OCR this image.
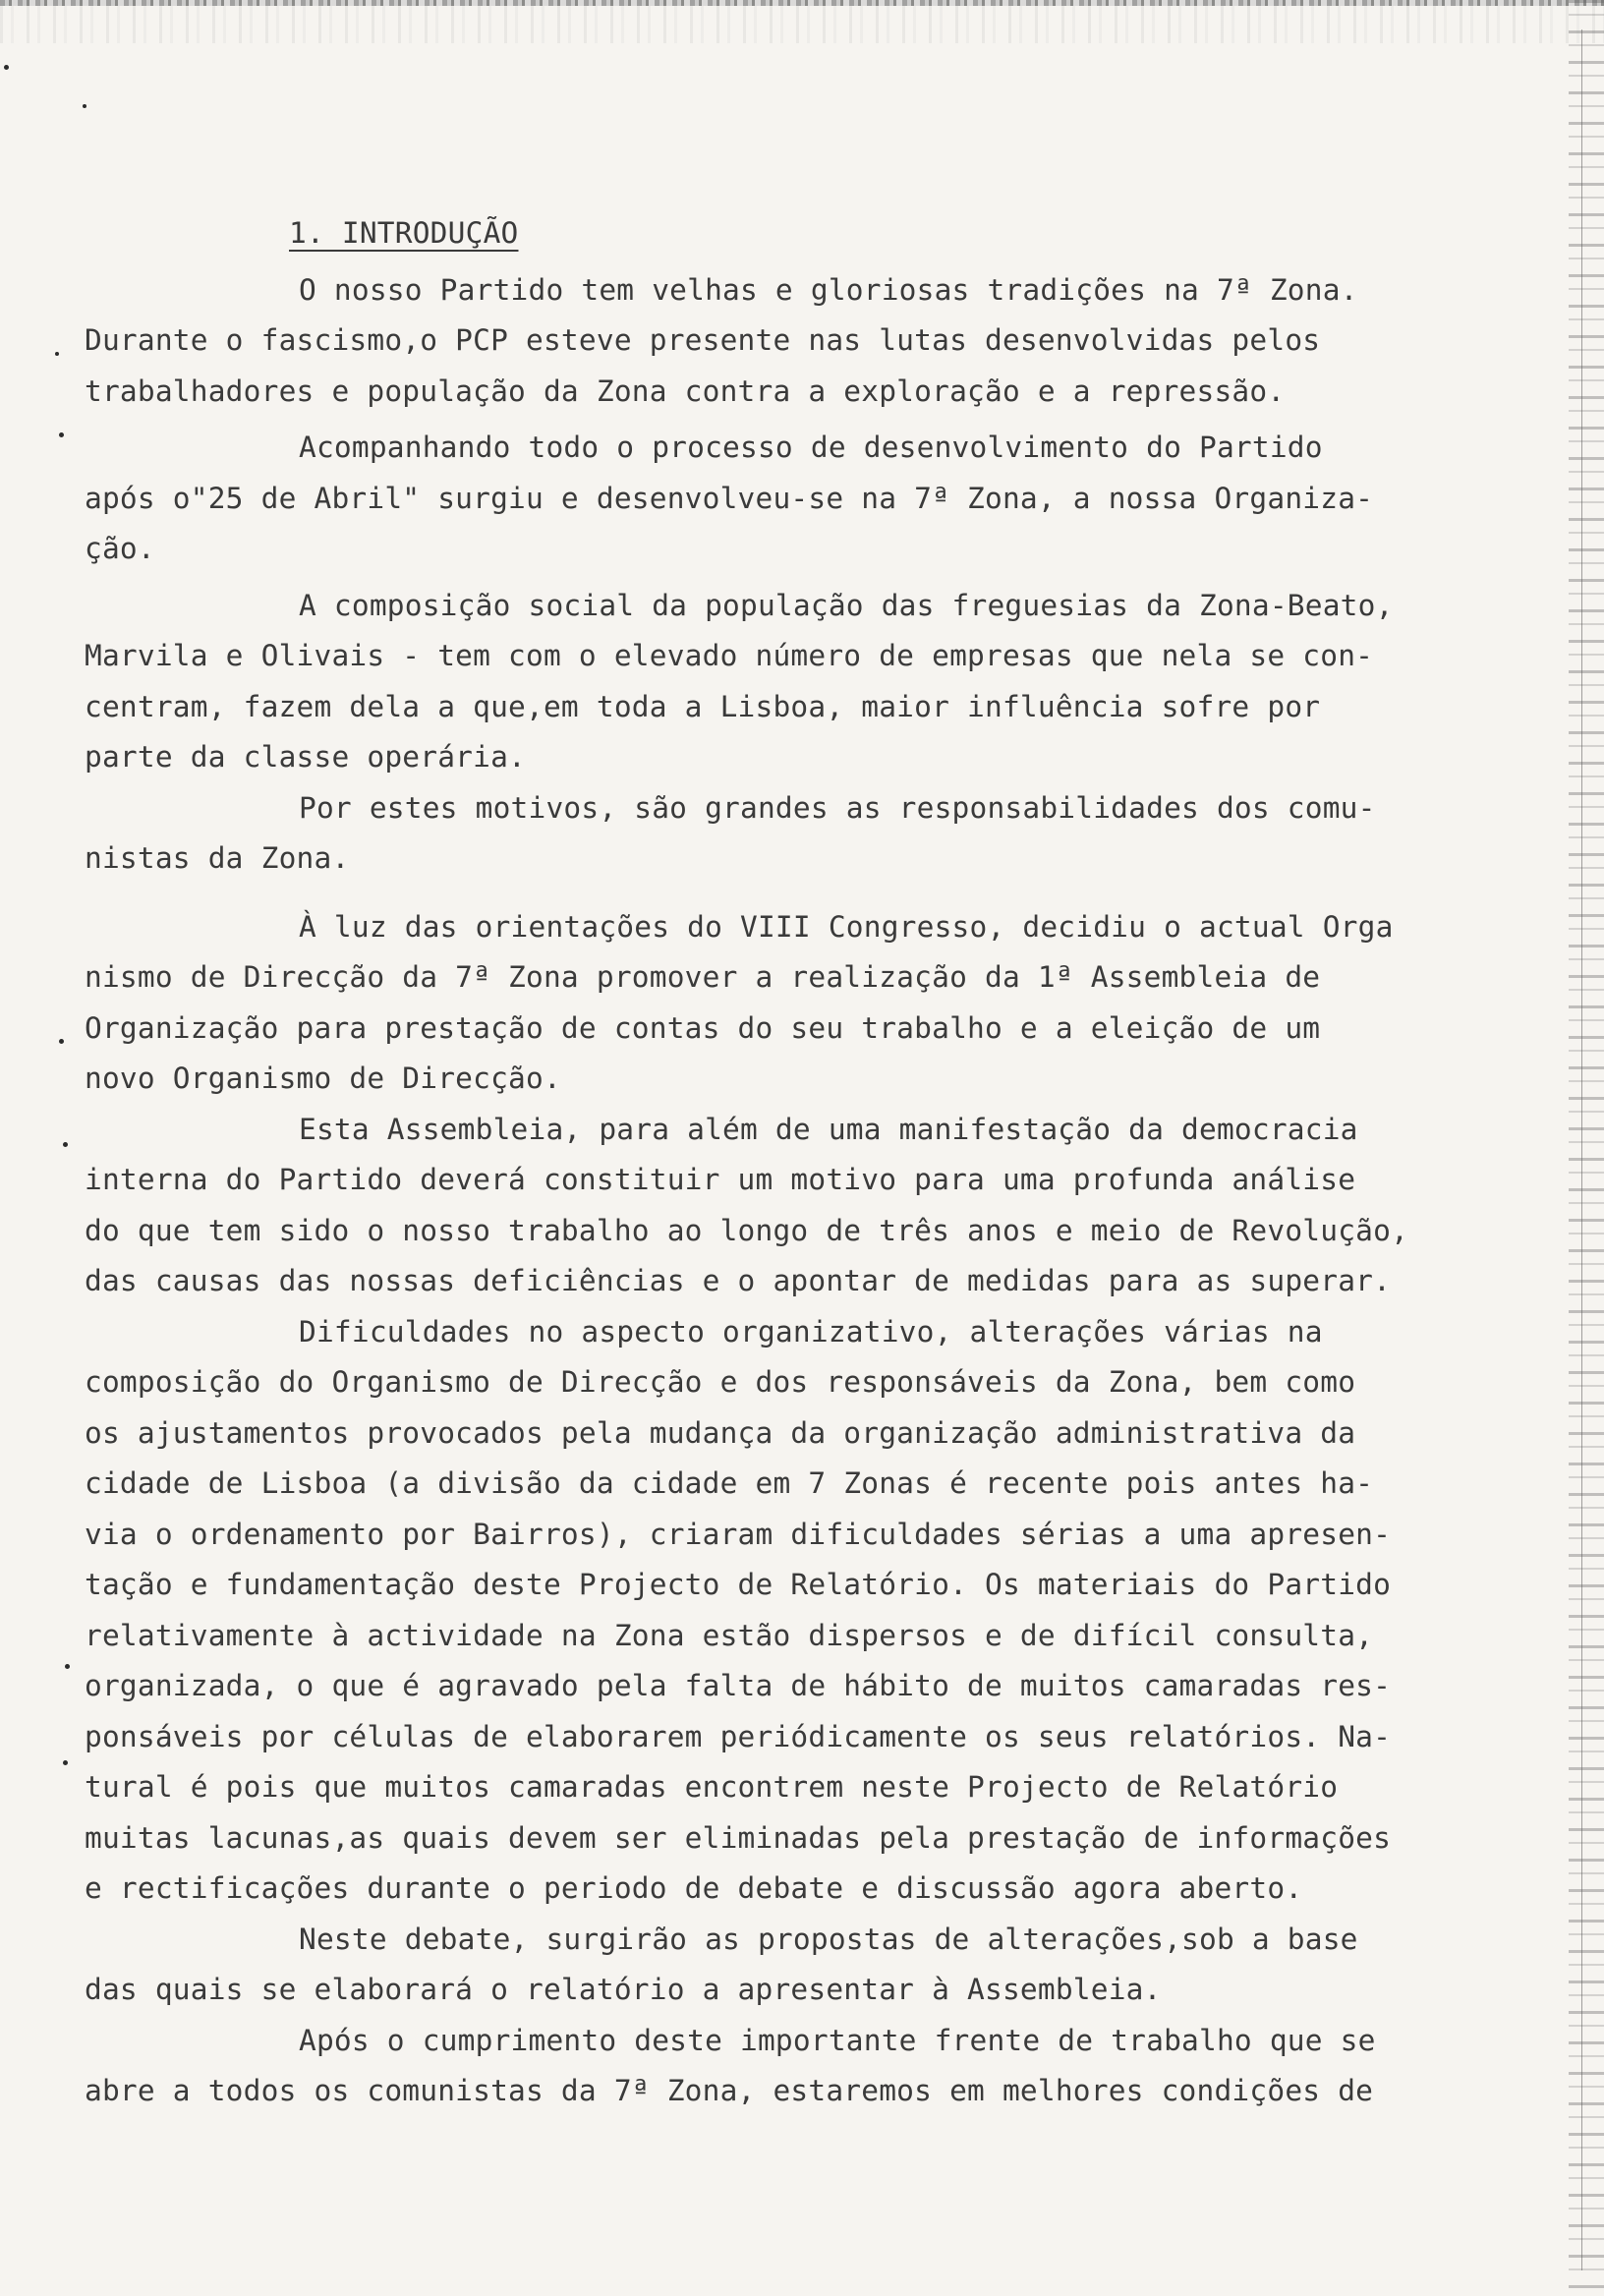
1. INTRODUÇÃO

O nosso Partido tem velhas e gloriosas tradições na 7ª Zona.
Durante o fascismo,o PCP esteve presente nas lutas desenvolvidas pelos
trabalhadores e população da Zona contra a exploração e a repressão.

Acompanhando todo o processo de desenvolvimento do Partido
após o"25 de Abril" surgiu e desenvolveu-se na 7ª Zona, a nossa Organiza-
ção.

A composição social da população das freguesias da Zona-Beato,
Marvila e Olivais - tem com o elevado número de empresas que nela se con-
centram, fazem dela a que,em toda a Lisboa, maior influência sofre por
parte da classe operária.

Por estes motivos, são grandes as responsabilidades dos comu-
nistas da Zona.

À luz das orientações do VIII Congresso, decidiu o actual Orga
nismo de Direcção da 7ª Zona promover a realização da 1ª Assembleia de
Organização para prestação de contas do seu trabalho e a eleição de um
novo Organismo de Direcção.

Esta Assembleia, para além de uma manifestação da democracia
interna do Partido deverá constituir um motivo para uma profunda análise
do que tem sido o nosso trabalho ao longo de três anos e meio de Revolução,
das causas das nossas deficiências e o apontar de medidas para as superar.

Dificuldades no aspecto organizativo, alterações várias na
composição do Organismo de Direcção e dos responsáveis da Zona, bem como
os ajustamentos provocados pela mudança da organização administrativa da
cidade de Lisboa (a divisão da cidade em 7 Zonas é recente pois antes ha-
via o ordenamento por Bairros), criaram dificuldades sérias a uma apresen-
tação e fundamentação deste Projecto de Relatório. Os materiais do Partido
relativamente à actividade na Zona estão dispersos e de difícil consulta,
organizada, o que é agravado pela falta de hábito de muitos camaradas res-
ponsáveis por células de elaborarem periódicamente os seus relatórios. Na-
tural é pois que muitos camaradas encontrem neste Projecto de Relatório
muitas lacunas,as quais devem ser eliminadas pela prestação de informações
e rectificações durante o periodo de debate e discussão agora aberto.

Neste debate, surgirão as propostas de alterações,sob a base
das quais se elaborará o relatório a apresentar à Assembleia.

Após o cumprimento deste importante frente de trabalho que se
abre a todos os comunistas da 7ª Zona, estaremos em melhores condições de
